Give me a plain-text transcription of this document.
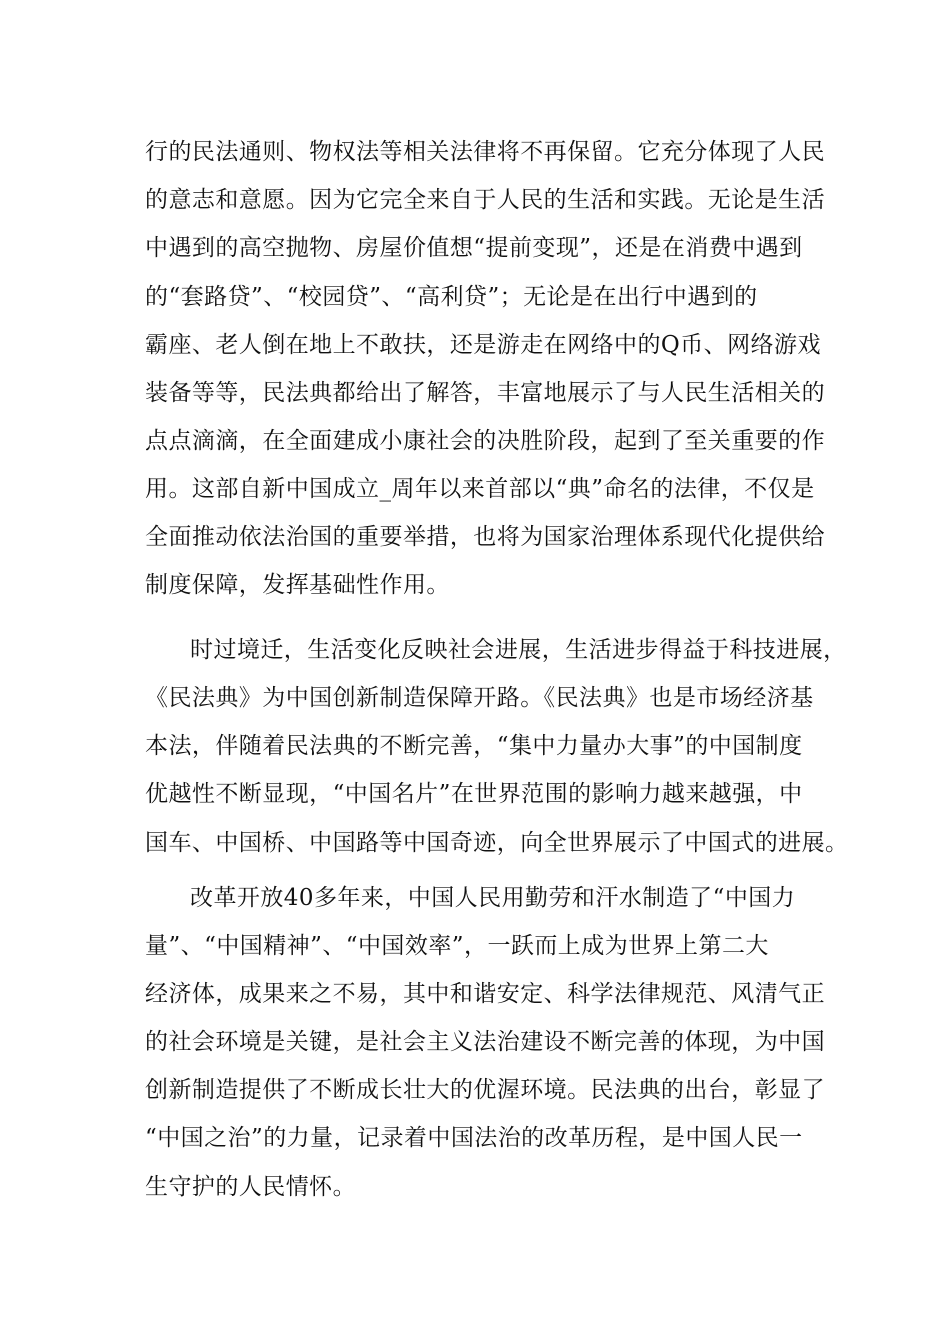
行的民法通则、物权法等相关法律将不再保留。它充分体现了人民
的意志和意愿。因为它完全来自于人民的生活和实践。无论是生活
中遇到的高空抛物、房屋价值想“提前变现”，还是在消费中遇到
的“套路贷”、“校园贷”、“高利贷”；无论是在出行中遇到的
霸座、老人倒在地上不敢扶，还是游走在网络中的Q币、网络游戏
装备等等，民法典都给出了解答，丰富地展示了与人民生活相关的
点点滴滴，在全面建成小康社会的决胜阶段，起到了至关重要的作
用。这部自新中国成立_周年以来首部以“典”命名的法律，不仅是
全面推动依法治国的重要举措，也将为国家治理体系现代化提供给
制度保障，发挥基础性作用。
时过境迁，生活变化反映社会进展，生活进步得益于科技进展，
《民法典》为中国创新制造保障开路。《民法典》也是市场经济基
本法，伴随着民法典的不断完善，“集中力量办大事”的中国制度
优越性不断显现，“中国名片”在世界范围的影响力越来越强，中
国车、中国桥、中国路等中国奇迹，向全世界展示了中国式的进展。
改革开放40多年来，中国人民用勤劳和汗水制造了“中国力
量”、“中国精神”、“中国效率”，一跃而上成为世界上第二大
经济体，成果来之不易，其中和谐安定、科学法律规范、风清气正
的社会环境是关键，是社会主义法治建设不断完善的体现，为中国
创新制造提供了不断成长壮大的优渥环境。民法典的出台，彰显了
“中国之治”的力量，记录着中国法治的改革历程，是中国人民一
生守护的人民情怀。
